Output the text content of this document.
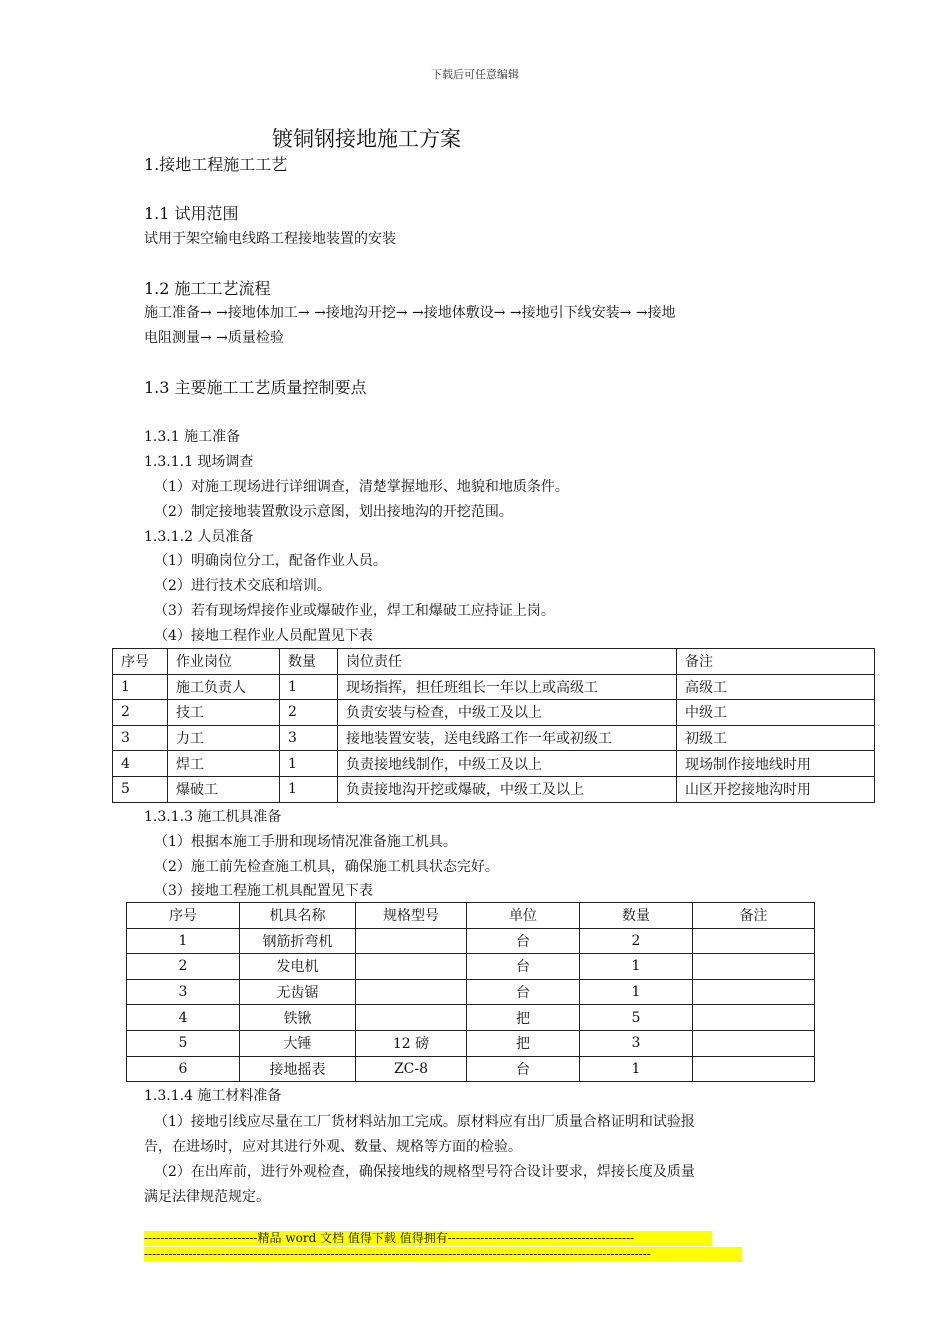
下载后可任意编辑
镀铜钢接地施工方案
1.接地工程施工工艺
1.1 试用范围
试用于架空输电线路工程接地装置的安装
1.2 施工工艺流程
施工准备→ →接地体加工→ →接地沟开挖→ →接地体敷设→ →接地引下线安装→ →接地
电阻测量→ →质量检验
1.3 主要施工工艺质量控制要点
1.3.1 施工准备
1.3.1.1 现场调查
（1）对施工现场进行详细调查，清楚掌握地形、地貌和地质条件。
（2）制定接地装置敷设示意图，划出接地沟的开挖范围。
1.3.1.2 人员准备
（1）明确岗位分工，配备作业人员。
（2）进行技术交底和培训。
（3）若有现场焊接作业或爆破作业，焊工和爆破工应持证上岗。
（4）接地工程作业人员配置见下表
序号	作业岗位	数量	岗位责任	备注
1	施工负责人	1	现场指挥，担任班组长一年以上或高级工	高级工
2	技工	2	负责安装与检查，中级工及以上	中级工
3	力工	3	接地装置安装，送电线路工作一年或初级工	初级工
4	焊工	1	负责接地线制作，中级工及以上	现场制作接地线时用
5	爆破工	1	负责接地沟开挖或爆破，中级工及以上	山区开挖接地沟时用
1.3.1.3 施工机具准备
（1）根据本施工手册和现场情况准备施工机具。
（2）施工前先检查施工机具，确保施工机具状态完好。
（3）接地工程施工机具配置见下表
序号	机具名称	规格型号	单位	数量	备注
1	钢筋折弯机		台	2	
2	发电机		台	1	
3	无齿锯		台	1	
4	铁锹		把	5	
5	大锤	12 磅	把	3	
6	接地摇表	ZC-8	台	1	
1.3.1.4 施工材料准备
（1）接地引线应尽量在工厂货材料站加工完成。原材料应有出厂质量合格证明和试验报
告，在进场时，应对其进行外观、数量、规格等方面的检验。
（2）在出库前，进行外观检查，确保接地线的规格型号符合设计要求，焊接长度及质量
满足法律规范规定。
----------------------------精品 word 文档 值得下载 值得拥有----------------------------------------------
-----------------------------------------------------------------------------------------------------------------------------
